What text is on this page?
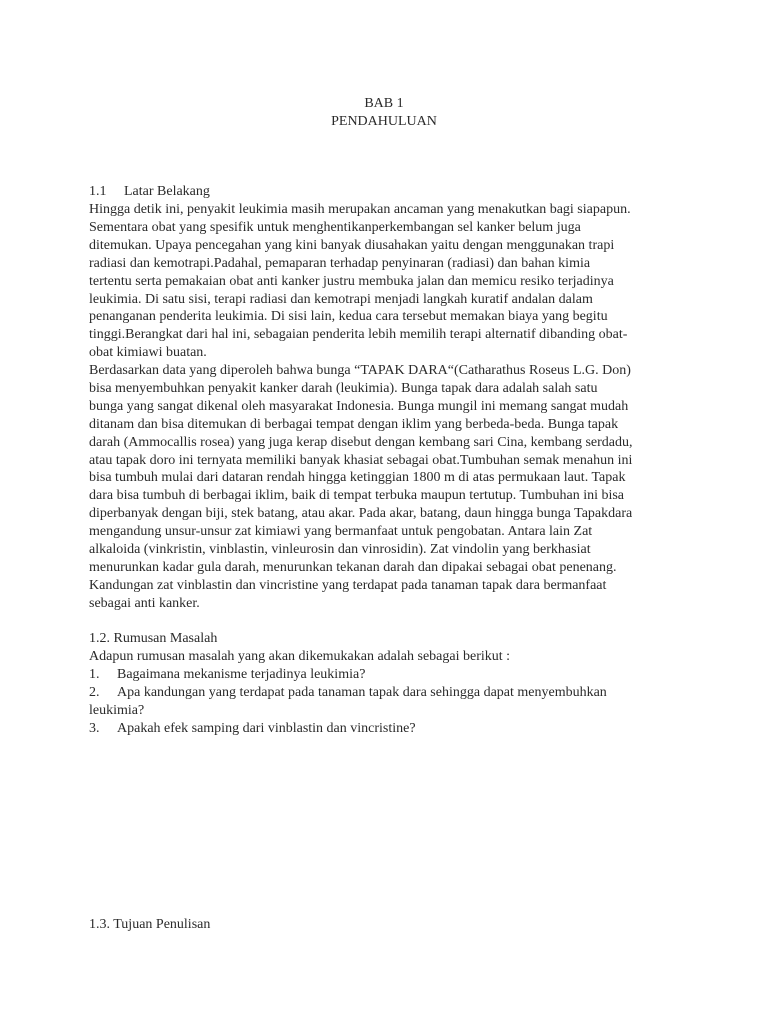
BAB 1
PENDAHULUAN
1.1 Latar Belakang
Hingga detik ini, penyakit leukimia masih merupakan ancaman yang menakutkan bagi siapapun.
Sementara obat yang spesifik untuk menghentikanperkembangan sel kanker belum juga
ditemukan. Upaya pencegahan yang kini banyak diusahakan yaitu dengan menggunakan trapi
radiasi dan kemotrapi.Padahal, pemaparan terhadap penyinaran (radiasi) dan bahan kimia
tertentu serta pemakaian obat anti kanker justru membuka jalan dan memicu resiko terjadinya
leukimia. Di satu sisi, terapi radiasi dan kemotrapi menjadi langkah kuratif andalan dalam
penanganan penderita leukimia. Di sisi lain, kedua cara tersebut memakan biaya yang begitu
tinggi.Berangkat dari hal ini, sebagaian penderita lebih memilih terapi alternatif dibanding obat-
obat kimiawi buatan.
Berdasarkan data yang diperoleh bahwa bunga “TAPAK DARA“(Catharathus Roseus L.G. Don)
bisa menyembuhkan penyakit kanker darah (leukimia). Bunga tapak dara adalah salah satu
bunga yang sangat dikenal oleh masyarakat Indonesia. Bunga mungil ini memang sangat mudah
ditanam dan bisa ditemukan di berbagai tempat dengan iklim yang berbeda-beda. Bunga tapak
darah (Ammocallis rosea) yang juga kerap disebut dengan kembang sari Cina, kembang serdadu,
atau tapak doro ini ternyata memiliki banyak khasiat sebagai obat.Tumbuhan semak menahun ini
bisa tumbuh mulai dari dataran rendah hingga ketinggian 1800 m di atas permukaan laut. Tapak
dara bisa tumbuh di berbagai iklim, baik di tempat terbuka maupun tertutup. Tumbuhan ini bisa
diperbanyak dengan biji, stek batang, atau akar. Pada akar, batang, daun hingga bunga Tapakdara
mengandung unsur-unsur zat kimiawi yang bermanfaat untuk pengobatan. Antara lain Zat
alkaloida (vinkristin, vinblastin, vinleurosin dan vinrosidin). Zat vindolin yang berkhasiat
menurunkan kadar gula darah, menurunkan tekanan darah dan dipakai sebagai obat penenang.
Kandungan zat vinblastin dan vincristine yang terdapat pada tanaman tapak dara bermanfaat
sebagai anti kanker.
1.2. Rumusan Masalah
Adapun rumusan masalah yang akan dikemukakan adalah sebagai berikut :
1. Bagaimana mekanisme terjadinya leukimia?
2. Apa kandungan yang terdapat pada tanaman tapak dara sehingga dapat menyembuhkan
leukimia?
3. Apakah efek samping dari vinblastin dan vincristine?
1.3. Tujuan Penulisan
